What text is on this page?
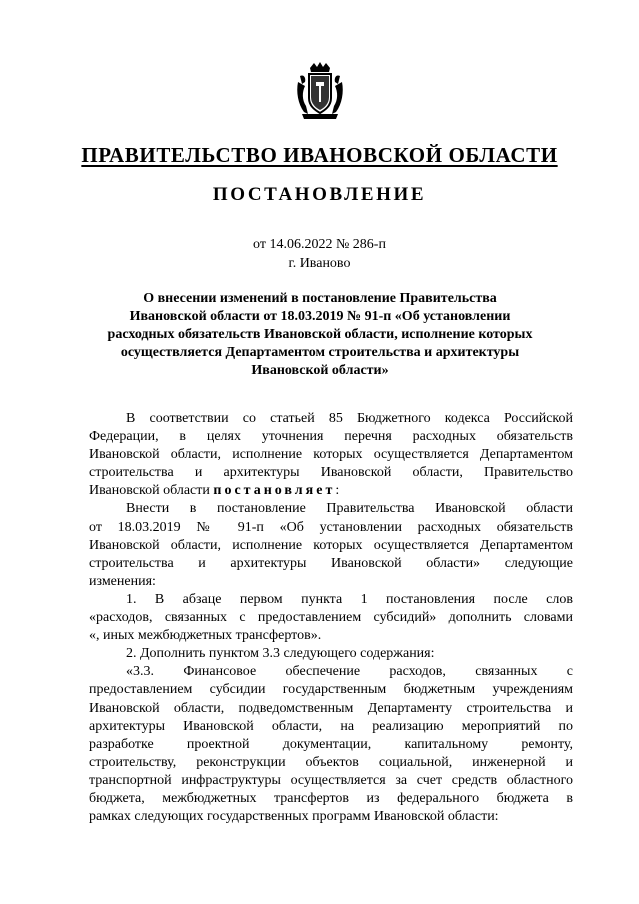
ПРАВИТЕЛЬСТВО ИВАНОВСКОЙ ОБЛАСТИ
ПОСТАНОВЛЕНИЕ
от 14.06.2022 № 286-п
г. Иваново
О внесении изменений в постановление Правительства
Ивановской области от 18.03.2019 № 91-п «Об установлении
расходных обязательств Ивановской области, исполнение которых
осуществляется Департаментом строительства и архитектуры
Ивановской области»
В соответствии со статьей 85 Бюджетного кодекса Российской
Федерации, в целях уточнения перечня расходных обязательств
Ивановской области, исполнение которых осуществляется Департаментом
строительства и архитектуры Ивановской области, Правительство
Ивановской области постановляет:
Внести в постановление Правительства Ивановской области
от 18.03.2019 № 91-п «Об установлении расходных обязательств
Ивановской области, исполнение которых осуществляется Департаментом
строительства и архитектуры Ивановской области» следующие
изменения:
1. В абзаце первом пункта 1 постановления после слов
«расходов, связанных с предоставлением субсидий» дополнить словами
«, иных межбюджетных трансфертов».
2. Дополнить пунктом 3.3 следующего содержания:
«3.3. Финансовое обеспечение расходов, связанных с
предоставлением субсидии государственным бюджетным учреждениям
Ивановской области, подведомственным Департаменту строительства и
архитектуры Ивановской области, на реализацию мероприятий по
разработке проектной документации, капитальному ремонту,
строительству, реконструкции объектов социальной, инженерной и
транспортной инфраструктуры осуществляется за счет средств областного
бюджета, межбюджетных трансфертов из федерального бюджета в
рамках следующих государственных программ Ивановской области:
